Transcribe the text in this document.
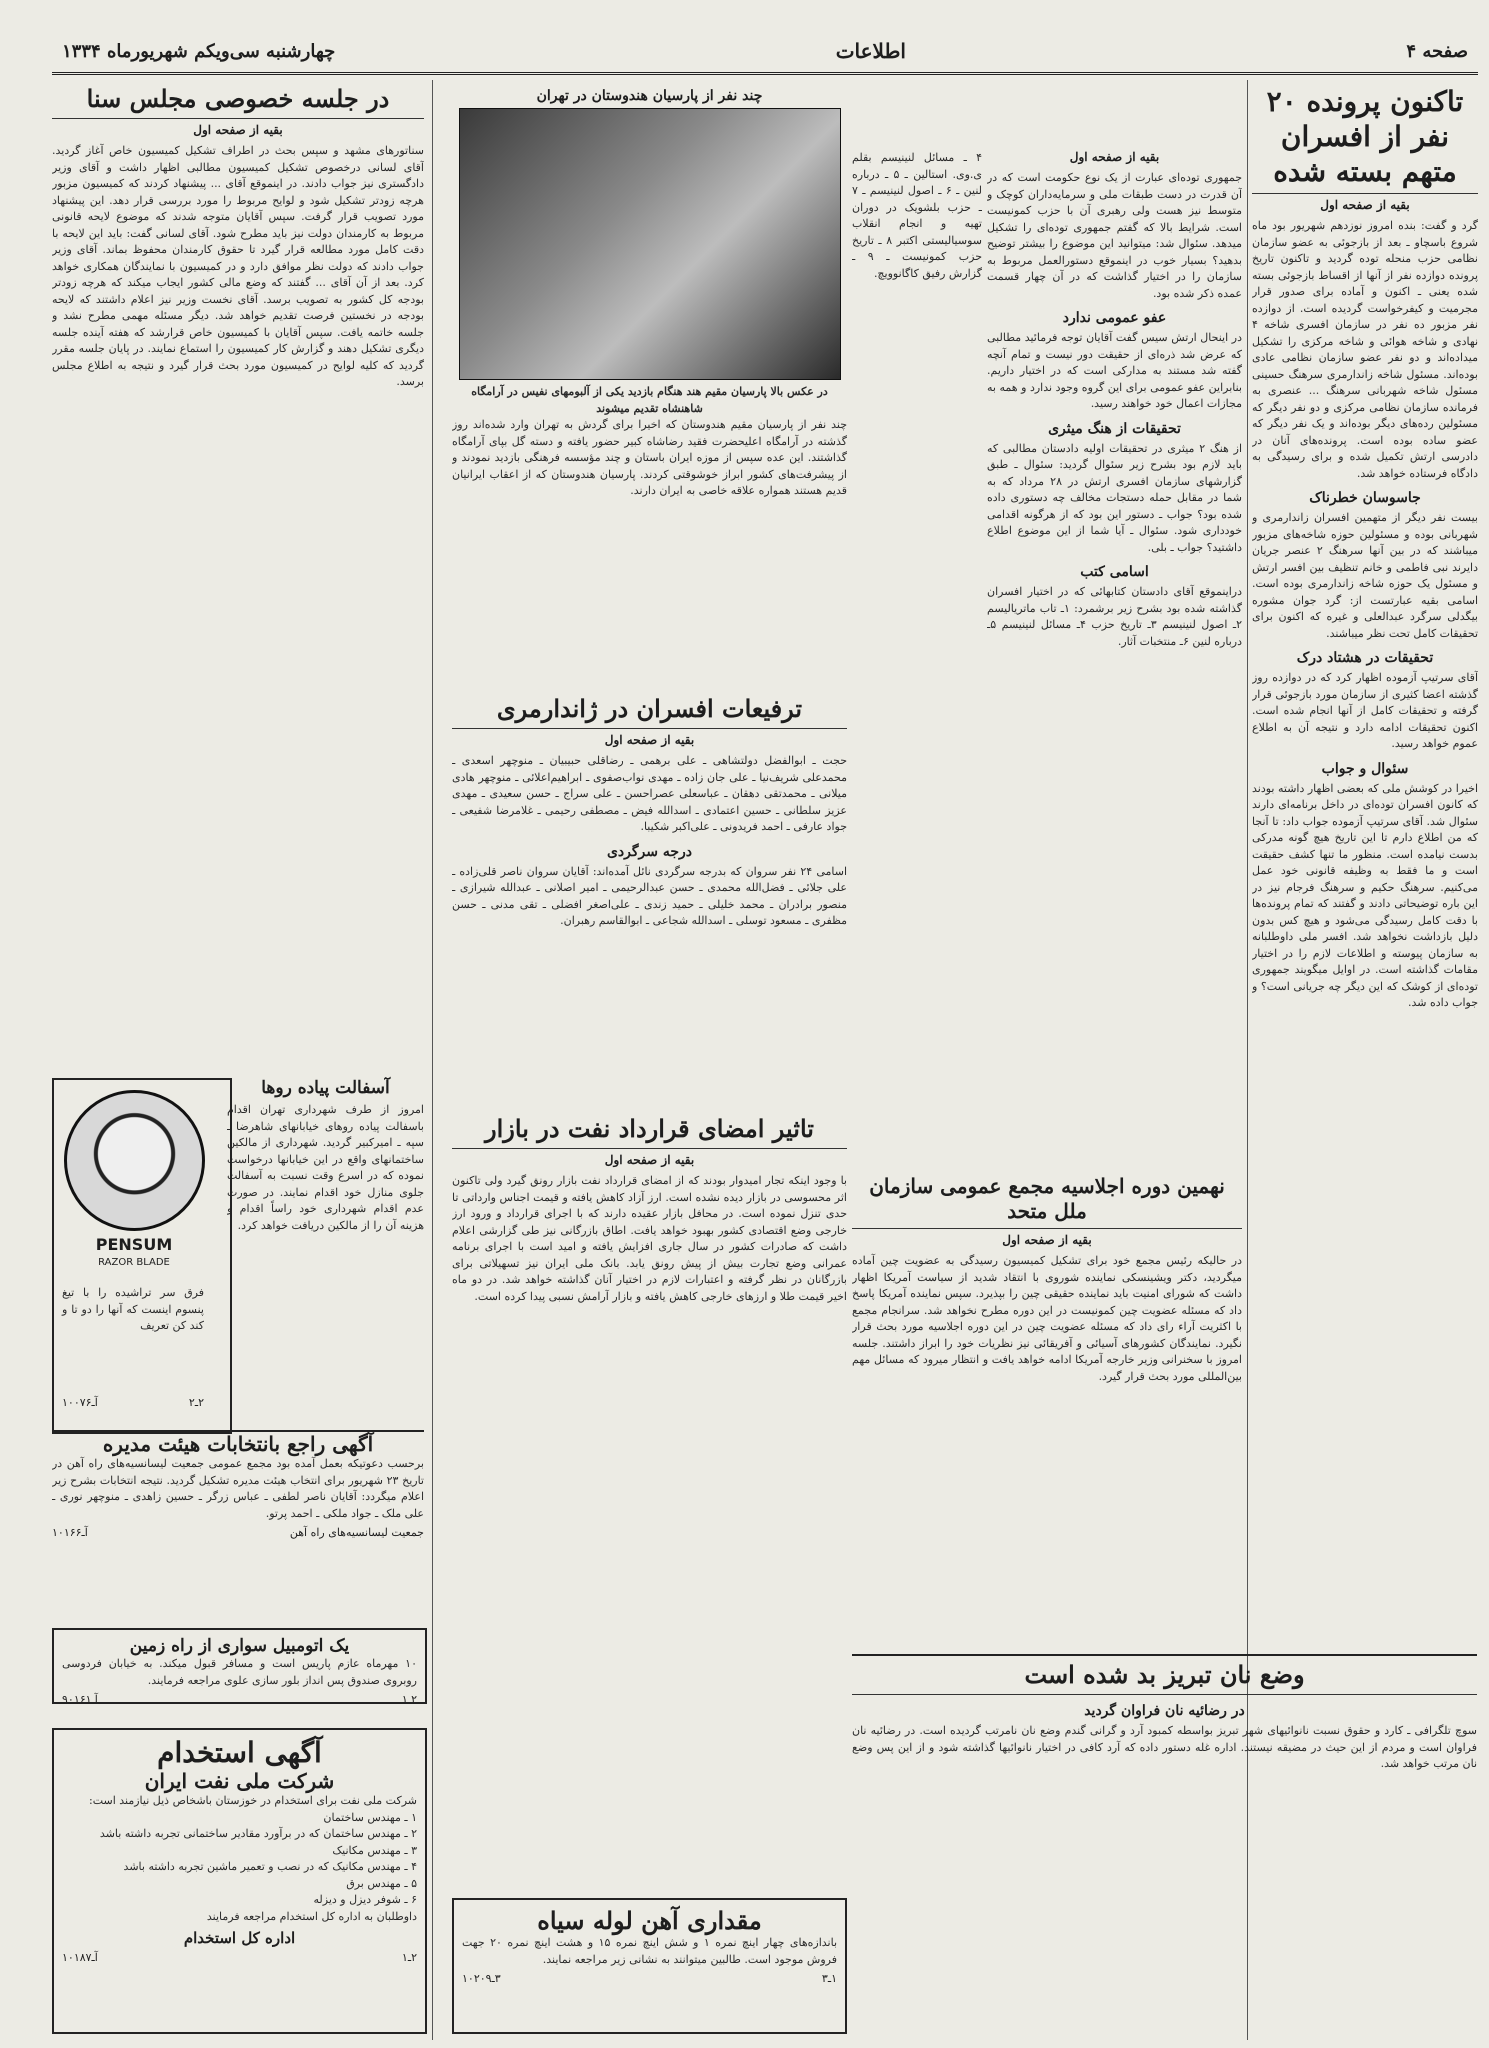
صفحه ۴
اطلاعات
چهارشنبه سی‌ویکم شهریورماه ۱۳۳۴
تاکنون پرونده ۲۰ نفر از افسران متهم بسته شده
بقیه از صفحه اول

گرد و گفت: بنده امروز نوزدهم شهریور بود ماه شروع باسچاو ـ بعد از بازجوئی به عضو سازمان نظامی حزب منحله توده گردید و تاکنون تاریخ پرونده دوازده نفر از آنها از اقساط بازجوئی بسته شده یعنی ـ اکنون و آماده برای صدور قرار مجرمیت و کیفرخواست گردیده است. از دوازده نفر مزبور ده نفر در سازمان افسری شاخه ۴ نهادی و شاخه هوائی و شاخه مرکزی را تشکیل میداده‌اند و دو نفر عضو سازمان نظامی عادی بوده‌اند. مسئول شاخه زاندارمری سرهنگ حسینی مسئول شاخه شهربانی سرهنگ ... عنصری به فرمانده سازمان نظامی مرکزی و دو نفر دیگر که مسئولین رده‌های دیگر بوده‌اند و یک نفر دیگر که عضو ساده بوده است. پرونده‌های آنان در دادرسی ارتش تکمیل شده و برای رسیدگی به دادگاه فرستاده خواهد شد.

جاسوسان خطرناک

بیست نفر دیگر از متهمین افسران زاندارمری و شهربانی بوده و مسئولین حوزه شاخه‌های مزبور میباشند که در بین آنها سرهنگ ۲ عنصر جریان دایرند نبی فاطمی و خانم تنظیف بین افسر ارتش و مسئول یک حوزه شاخه زاندارمری بوده است. اسامی بقیه عبارتست از: گرد جوان مشوره بیگدلی سرگرد عبدالعلی و غیره که اکنون برای تحقیقات کامل تحت نظر میباشند.

تحقیقات در هشتاد درک

آقای سرتیپ آزموده اظهار کرد که در دوازده روز گذشته اعضا کثیری از سازمان مورد بازجوئی قرار گرفته و تحقیقات کامل از آنها انجام شده است. اکنون تحقیقات ادامه دارد و نتیجه آن به اطلاع عموم خواهد رسید.

سئوال و جواب

اخیرا در کوشش ملی که بعضی اظهار داشته بودند که کانون افسران توده‌ای در داخل برنامه‌ای دارند سئوال شد. آقای سرتیپ آزموده جواب داد: تا آنجا که من اطلاع دارم تا این تاریخ هیچ گونه مدرکی بدست نیامده است. منظور ما تنها کشف حقیقت است و ما فقط به وظیفه قانونی خود عمل می‌کنیم. سرهنگ حکیم و سرهنگ فرجام نیز در این باره توضیحاتی دادند و گفتند که تمام پرونده‌ها با دقت کامل رسیدگی می‌شود و هیچ کس بدون دلیل بازداشت نخواهد شد. افسر ملی داوطلبانه به سازمان پیوسته و اطلاعات لازم را در اختیار مقامات گذاشته است. در اوایل میگویند جمهوری توده‌ای از کوشک که این دیگر چه جریانی است؟ و جواب داده شد.

بقیه از صفحه اول

جمهوری توده‌ای عبارت از یک نوع حکومت است که در آن قدرت در دست طبقات ملی و سرمایه‌داران کوچک و متوسط نیز هست ولی رهبری آن با حزب کمونیست است. شرایط بالا که گفتم جمهوری توده‌ای را تشکیل میدهد. سئوال شد: میتوانید این موضوع را بیشتر توضیح بدهید؟ بسیار خوب در اینموقع دستورالعمل مربوط به سازمان را در اختیار گذاشت که در آن چهار قسمت عمده ذکر شده بود.

عفو عمومی ندارد

در اینحال ارتش سیس گفت آقایان توجه فرمائید مطالبی که عرض شد ذره‌ای از حقیقت دور نیست و تمام آنچه گفته شد مستند به مدارکی است که در اختیار داریم. بنابراین عفو عمومی برای این گروه وجود ندارد و همه به مجازات اعمال خود خواهند رسید.

تحقیقات از هنگ میثری

از هنگ ۲ میثری در تحقیقات اولیه دادستان مطالبی که باید لازم بود بشرح زیر سئوال گردید: سئوال ـ طبق گزارشهای سازمان افسری ارتش در ۲۸ مرداد که به شما در مقابل حمله دستجات مخالف چه دستوری داده شده بود؟ جواب ـ دستور این بود که از هرگونه اقدامی خودداری شود. سئوال ـ آیا شما از این موضوع اطلاع داشتید؟ جواب ـ بلی.

اسامی کتب

دراینموقع آقای دادستان کتابهائی که در اختیار افسران گذاشته شده بود بشرح زیر برشمرد: ۱ـ تاب ماتریالیسم ۲ـ اصول لنینیسم ۳ـ تاریخ حزب ۴ـ مسائل لنینیسم ۵ـ درباره لنین ۶ـ منتخبات آثار.

۴ ـ مسائل لنینیسم بقلم ی.وی. استالین ـ ۵ ـ درباره لنین ـ ۶ ـ اصول لنینیسم ـ ۷ ـ حزب بلشویک در دوران تهیه و انجام انقلاب سوسیالیستی اکتبر ۸ ـ تاریخ حزب کمونیست ـ ۹ ـ گزارش رفیق کاگانوویچ.

نهمین دوره اجلاسیه مجمع عمومی سازمان ملل متحد
بقیه از صفحه اول

در حالیکه رئیس مجمع خود برای تشکیل کمیسیون رسیدگی به عضویت چین آماده میگردید، دکتر ویشینسکی نماینده شوروی با انتقاد شدید از سیاست آمریکا اظهار داشت که شورای امنیت باید نماینده حقیقی چین را بپذیرد. سپس نماینده آمریکا پاسخ داد که مسئله عضویت چین کمونیست در این دوره مطرح نخواهد شد. سرانجام مجمع با اکثریت آراء رای داد که مسئله عضویت چین در این دوره اجلاسیه مورد بحث قرار نگیرد. نمایندگان کشورهای آسیائی و آفریقائی نیز نظریات خود را ابراز داشتند. جلسه امروز با سخنرانی وزیر خارجه آمریکا ادامه خواهد یافت و انتظار میرود که مسائل مهم بین‌المللی مورد بحث قرار گیرد.

وضع نان تبریز بد شده است
در رضائیه نان فراوان گردید

سوچ تلگرافی ـ کارد و حقوق نسبت نانوائیهای شهر تبریز بواسطه کمبود آرد و گرانی گندم وضع نان نامرتب گردیده است. در رضائیه نان فراوان است و مردم از این حیث در مضیقه نیستند. اداره غله دستور داده که آرد کافی در اختیار نانوائیها گذاشته شود و از این پس وضع نان مرتب خواهد شد.

چند نفر از پارسیان هندوستان در تهران

در عکس بالا پارسیان مقیم هند هنگام بازدید یکی از آلبومهای نفیس در آرامگاه شاهنشاه تقدیم میشوند

چند نفر از پارسیان مقیم هندوستان که اخیرا برای گردش به تهران وارد شده‌اند روز گذشته در آرامگاه اعلیحضرت فقید رضاشاه کبیر حضور یافته و دسته گل بپای آرامگاه گذاشتند. این عده سپس از موزه ایران باستان و چند مؤسسه فرهنگی بازدید نمودند و از پیشرفت‌های کشور ابراز خوشوقتی کردند. پارسیان هندوستان که از اعقاب ایرانیان قدیم هستند همواره علاقه خاصی به ایران دارند.

ترفیعات افسران در ژاندارمری
بقیه از صفحه اول

حجت ـ ابوالفضل دولتشاهی ـ علی برهمی ـ رضاقلی حبیبیان ـ منوچهر اسعدی ـ محمدعلی شریف‌نیا ـ علی جان زاده ـ مهدی نواب‌صفوی ـ ابراهیم‌اعلائی ـ منوچهر هادی میلانی ـ محمدتقی دهقان ـ عباسعلی عصراحسن ـ علی سراج ـ حسن سعیدی ـ مهدی عزیز سلطانی ـ حسین اعتمادی ـ اسدالله فیض ـ مصطفی رحیمی ـ غلامرضا شفیعی ـ جواد عارفی ـ احمد فریدونی ـ علی‌اکبر شکیبا.

درجه سرگردی

اسامی ۲۴ نفر سروان که بدرجه سرگردی نائل آمده‌اند: آقایان سروان ناصر قلی‌زاده ـ علی جلائی ـ فضل‌الله محمدی ـ حسن عبدالرحیمی ـ امیر اصلانی ـ عبدالله شیرازی ـ منصور برادران ـ محمد خلیلی ـ حمید زندی ـ علی‌اصغر افضلی ـ تقی مدنی ـ حسن مظفری ـ مسعود توسلی ـ اسدالله شجاعی ـ ابوالقاسم رهبران.

تاثیر امضای قرارداد نفت در بازار
بقیه از صفحه اول

با وجود اینکه تجار امیدوار بودند که از امضای قرارداد نفت بازار رونق گیرد ولی تاکنون اثر محسوسی در بازار دیده نشده است. ارز آزاد کاهش یافته و قیمت اجناس وارداتی تا حدی تنزل نموده است. در محافل بازار عقیده دارند که با اجرای قرارداد و ورود ارز خارجی وضع اقتصادی کشور بهبود خواهد یافت. اطاق بازرگانی نیز طی گزارشی اعلام داشت که صادرات کشور در سال جاری افزایش یافته و امید است با اجرای برنامه عمرانی وضع تجارت بیش از پیش رونق یابد. بانک ملی ایران نیز تسهیلاتی برای بازرگانان در نظر گرفته و اعتبارات لازم در اختیار آنان گذاشته خواهد شد. در دو ماه اخیر قیمت طلا و ارزهای خارجی کاهش یافته و بازار آرامش نسبی پیدا کرده است.

مقداری آهن لوله سیاه

باندازه‌های چهار اینچ نمره ۱ و شش اینچ نمره ۱۵ و هشت اینچ نمره ۲۰ جهت فروش موجود است. طالبین میتوانند به نشانی زیر مراجعه نمایند.

۱ـ۳
۳ـ۱۰۲۰۹
در جلسه خصوصی مجلس سنا
بقیه از صفحه اول

سناتورهای مشهد و سپس بحث در اطراف تشکیل کمیسیون خاص آغاز گردید. آقای لسانی درخصوص تشکیل کمیسیون مطالبی اظهار داشت و آقای وزیر دادگستری نیز جواب دادند. در اینموقع آقای ... پیشنهاد کردند که کمیسیون مزبور هرچه زودتر تشکیل شود و لوایح مربوط را مورد بررسی قرار دهد. این پیشنهاد مورد تصویب قرار گرفت. سپس آقایان متوجه شدند که موضوع لایحه قانونی مربوط به کارمندان دولت نیز باید مطرح شود. آقای لسانی گفت: باید این لایحه با دقت کامل مورد مطالعه قرار گیرد تا حقوق کارمندان محفوظ بماند. آقای وزیر جواب دادند که دولت نظر موافق دارد و در کمیسیون با نمایندگان همکاری خواهد کرد. بعد از آن آقای ... گفتند که وضع مالی کشور ایجاب میکند که هرچه زودتر بودجه کل کشور به تصویب برسد. آقای نخست وزیر نیز اعلام داشتند که لایحه بودجه در نخستین فرصت تقدیم خواهد شد. دیگر مسئله مهمی مطرح نشد و جلسه خاتمه یافت. سپس آقایان با کمیسیون خاص قرارشد که هفته آینده جلسه دیگری تشکیل دهند و گزارش کار کمیسیون را استماع نمایند. در پایان جلسه مقرر گردید که کلیه لوایح در کمیسیون مورد بحث قرار گیرد و نتیجه به اطلاع مجلس برسد.

آسفالت پیاده روها

امروز از طرف شهرداری تهران اقدام باسفالت پیاده روهای خیابانهای شاهرضا ـ سپه ـ امیرکبیر گردید. شهرداری از مالکین ساختمانهای واقع در این خیابانها درخواست نموده که در اسرع وقت نسبت به آسفالت جلوی منازل خود اقدام نمایند. در صورت عدم اقدام شهرداری خود راساً اقدام و هزینه آن را از مالکین دریافت خواهد کرد.

PENSUM
RAZOR BLADE

فرق سر تراشیده را با تیغ پنسوم اینست که آنها را دو تا و کند کن تعریف

۲ـ۲
آـ۱۰۰۷۶
آگهی راجع بانتخابات هیئت مدیره

برحسب دعوتیکه بعمل آمده بود مجمع عمومی جمعیت لیسانسیه‌های راه آهن در تاریخ ۲۳ شهریور برای انتخاب هیئت مدیره تشکیل گردید. نتیجه انتخابات بشرح زیر اعلام میگردد: آقایان ناصر لطفی ـ عباس زرگر ـ حسین زاهدی ـ منوچهر نوری ـ علی ملک ـ جواد ملکی ـ احمد پرتو.

جمعیت لیسانسیه‌های راه آهن
آـ۱۰۱۶۶
یک اتومبیل سواری از راه زمین

۱۰ مهرماه عازم پاریس است و مسافر قبول میکند. به خیابان فردوسی روبروی صندوق پس انداز بلور سازی علوی مراجعه فرمایند.

۲ـ۱
آـ۹۰۱۶۱
آگهی استخدام
شرکت ملی نفت ایران

شرکت ملی نفت برای استخدام در خوزستان باشخاص ذیل نیازمند است:

۱ ـ مهندس ساختمان
۲ ـ مهندس ساختمان که در برآورد مقادیر ساختمانی تجربه داشته باشد
۳ ـ مهندس مکانیک
۴ ـ مهندس مکانیک که در نصب و تعمیر ماشین تجربه داشته باشد
۵ ـ مهندس برق
۶ ـ شوفر دیزل و دیزله
داوطلبان به اداره کل استخدام مراجعه فرمایند
اداره کل استخدام
۲ـ۱
آـ۱۰۱۸۷
